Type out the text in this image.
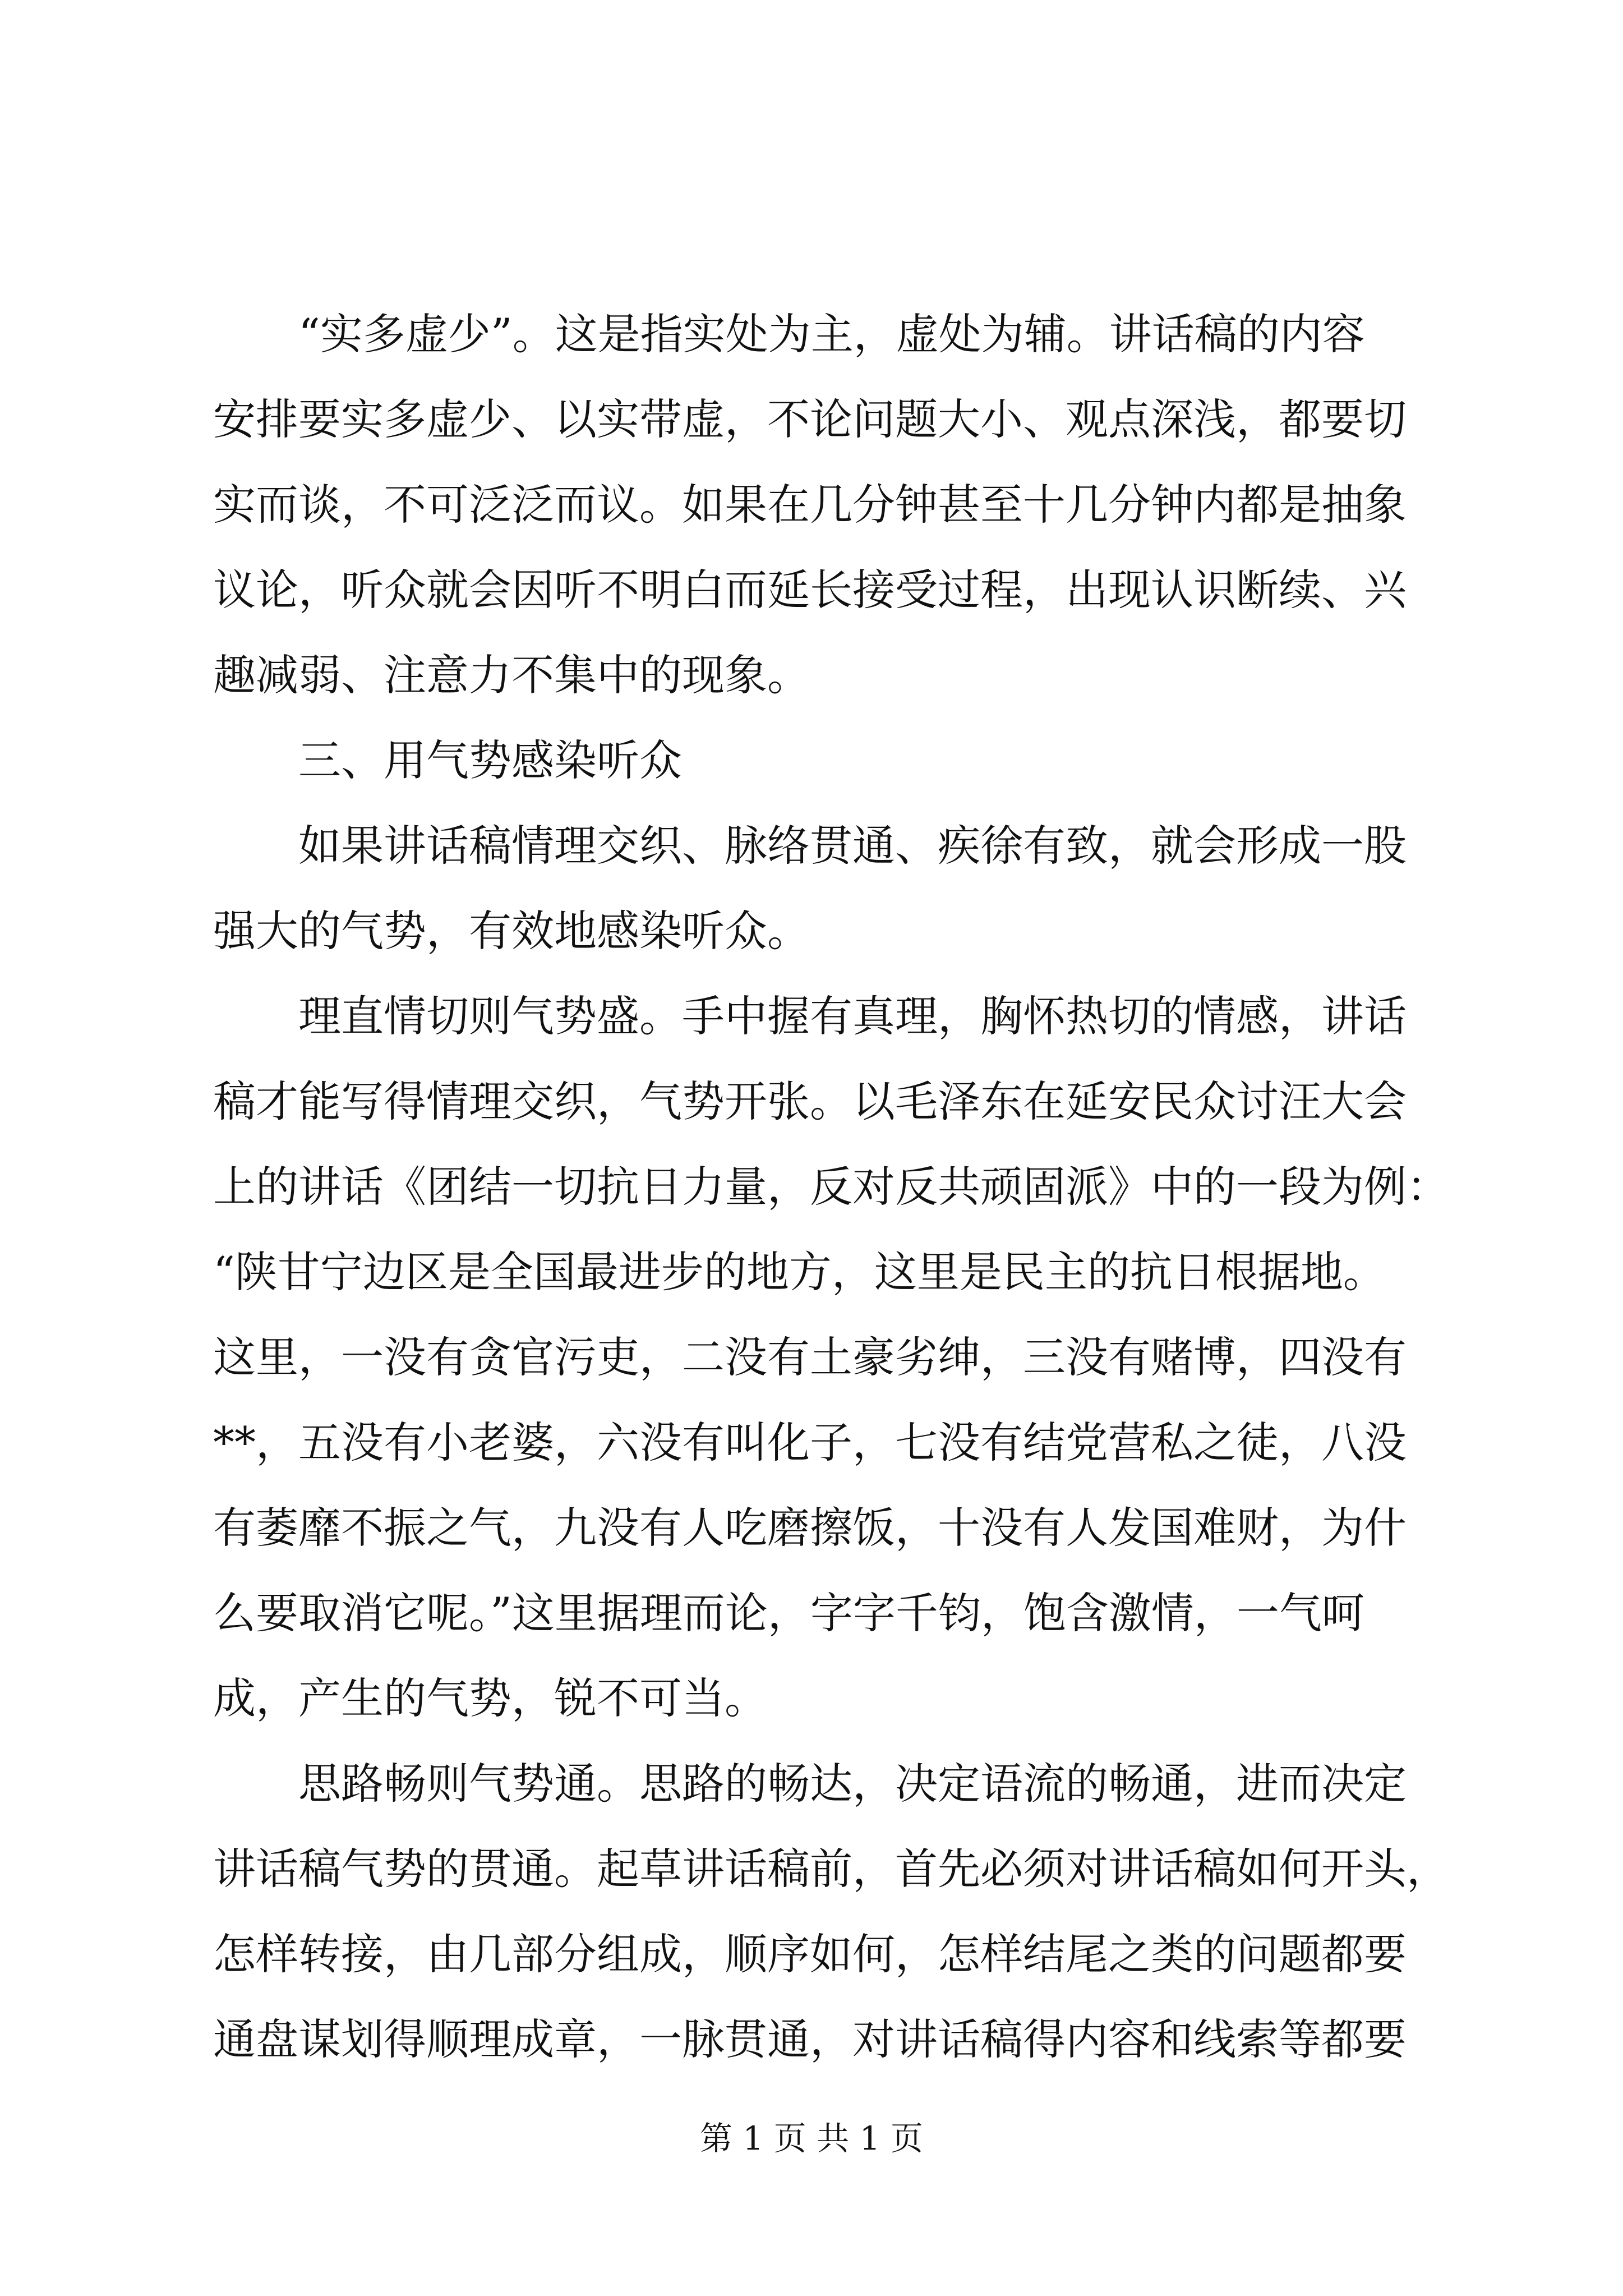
“实多虚少”。这是指实处为主，虚处为辅。讲话稿的内容
安排要实多虚少、以实带虚，不论问题大小、观点深浅，都要切
实而谈，不可泛泛而议。如果在几分钟甚至十几分钟内都是抽象
议论，听众就会因听不明白而延长接受过程，出现认识断续、兴
趣减弱、注意力不集中的现象。
三、用气势感染听众
如果讲话稿情理交织、脉络贯通、疾徐有致，就会形成一股
强大的气势，有效地感染听众。
理直情切则气势盛。手中握有真理，胸怀热切的情感，讲话
稿才能写得情理交织，气势开张。以毛泽东在延安民众讨汪大会
上的讲话《团结一切抗日力量，反对反共顽固派》中的一段为例：
“陕甘宁边区是全国最进步的地方，这里是民主的抗日根据地。
这里，一没有贪官污吏，二没有土豪劣绅，三没有赌博，四没有
**，五没有小老婆，六没有叫化子，七没有结党营私之徒，八没
有萎靡不振之气，九没有人吃磨擦饭，十没有人发国难财，为什
么要取消它呢。”这里据理而论，字字千钧，饱含激情，一气呵
成，产生的气势，锐不可当。
思路畅则气势通。思路的畅达，决定语流的畅通，进而决定
讲话稿气势的贯通。起草讲话稿前，首先必须对讲话稿如何开头，
怎样转接，由几部分组成，顺序如何，怎样结尾之类的问题都要
通盘谋划得顺理成章，一脉贯通，对讲话稿得内容和线索等都要
第 1 页 共 1 页
